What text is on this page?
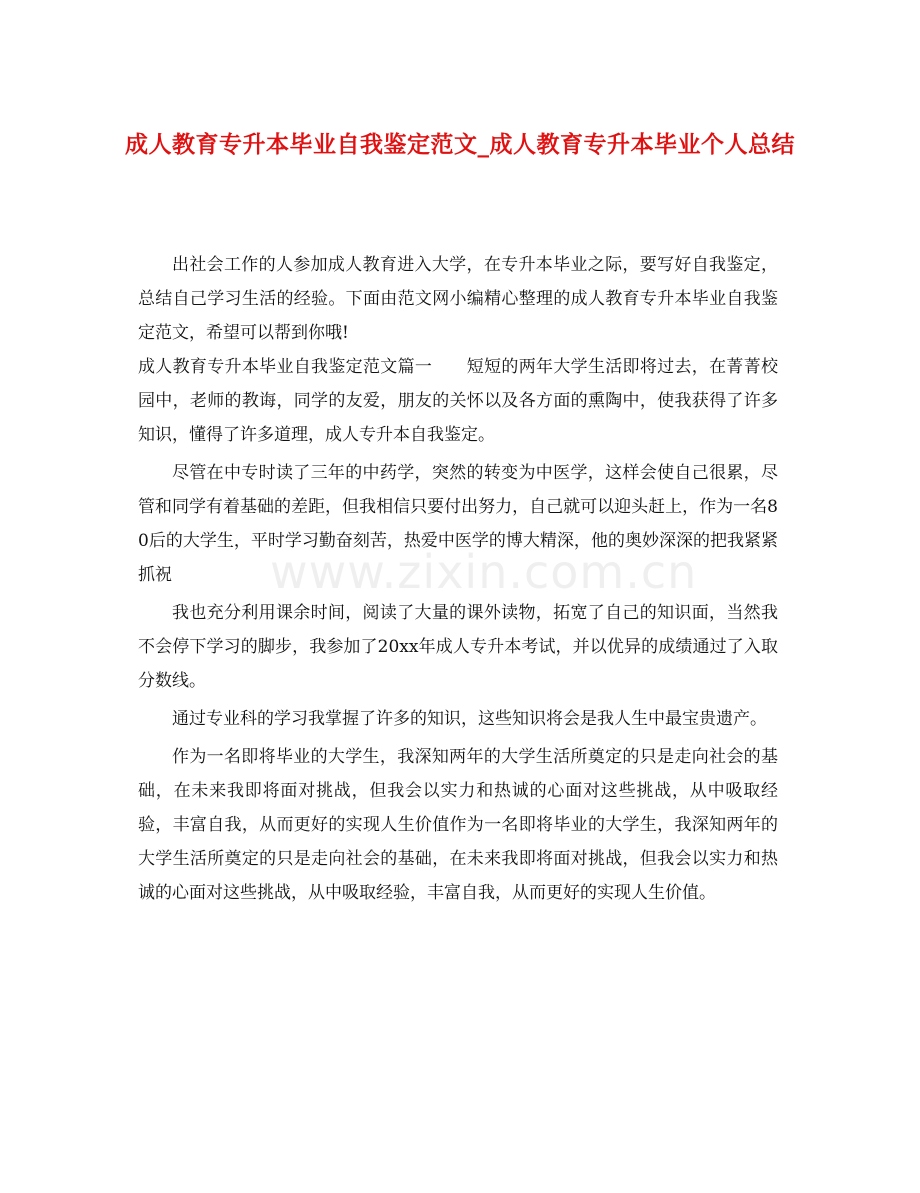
成人教育专升本毕业自我鉴定范文_成人教育专升本毕业个人总结

出社会工作的人参加成人教育进入大学，在专升本毕业之际，要写好自我鉴定，总结自己学习生活的经验。下面由范文网小编精心整理的成人教育专升本毕业自我鉴定范文，希望可以帮到你哦!

成人教育专升本毕业自我鉴定范文篇一　　短短的两年大学生活即将过去，在菁菁校园中，老师的教诲，同学的友爱，朋友的关怀以及各方面的熏陶中，使我获得了许多知识，懂得了许多道理，成人专升本自我鉴定。

尽管在中专时读了三年的中药学，突然的转变为中医学，这样会使自己很累，尽管和同学有着基础的差距，但我相信只要付出努力，自己就可以迎头赶上，作为一名80后的大学生，平时学习勤奋刻苦，热爱中医学的博大精深，他的奥妙深深的把我紧紧抓祝

我也充分利用课余时间，阅读了大量的课外读物，拓宽了自己的知识面，当然我不会停下学习的脚步，我参加了20xx年成人专升本考试，并以优异的成绩通过了入取分数线。

通过专业科的学习我掌握了许多的知识，这些知识将会是我人生中最宝贵遗产。

作为一名即将毕业的大学生，我深知两年的大学生活所奠定的只是走向社会的基础，在未来我即将面对挑战，但我会以实力和热诚的心面对这些挑战，从中吸取经验，丰富自我，从而更好的实现人生价值作为一名即将毕业的大学生，我深知两年的大学生活所奠定的只是走向社会的基础，在未来我即将面对挑战，但我会以实力和热诚的心面对这些挑战，从中吸取经验，丰富自我，从而更好的实现人生价值。

www.zixin.com.cn
